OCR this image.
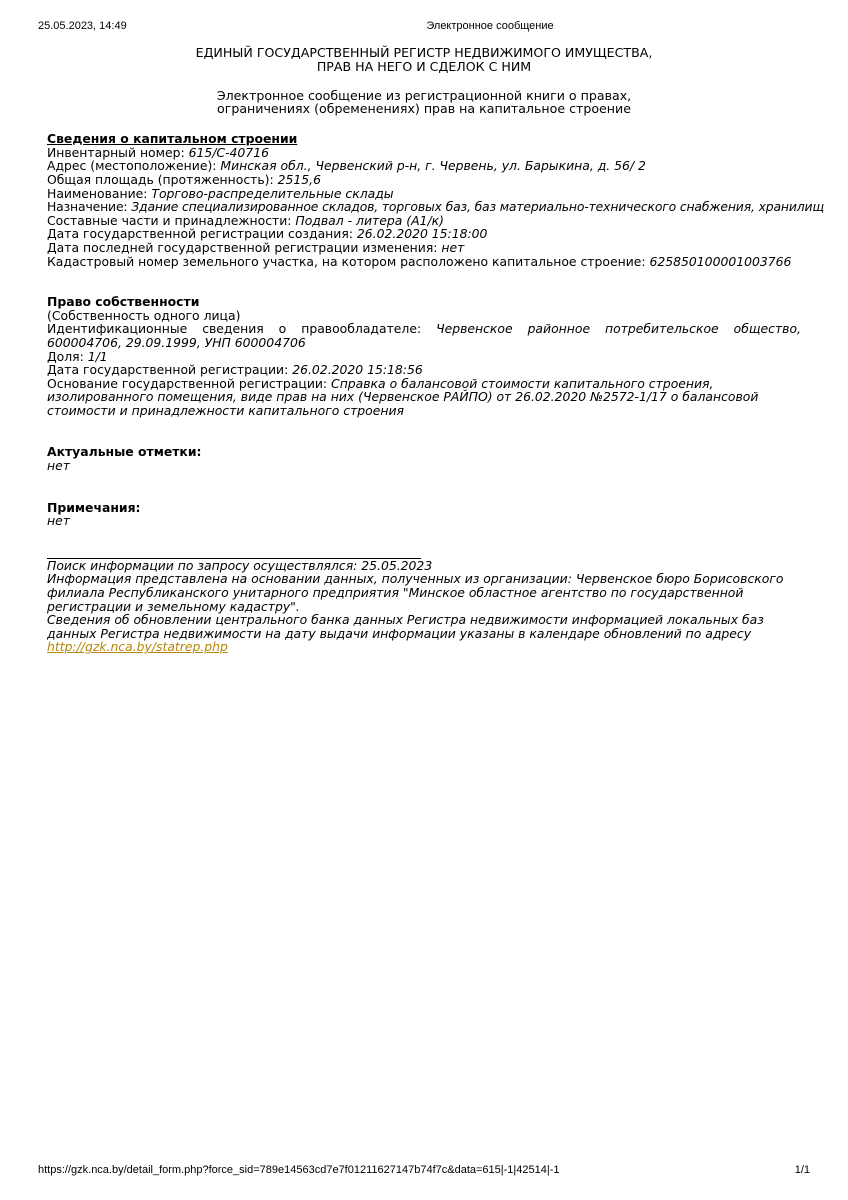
25.05.2023, 14:49	Электронное сообщение
ЕДИНЫЙ ГОСУДАРСТВЕННЫЙ РЕГИСТР НЕДВИЖИМОГО ИМУЩЕСТВА,
ПРАВ НА НЕГО И СДЕЛОК С НИМ
Электронное сообщение из регистрационной книги о правах,
ограничениях (обременениях) прав на капитальное строение
Сведения о капитальном строении
Инвентарный номер: 615/C-40716
Адрес (местоположение): Минская обл., Червенский р-н, г. Червень, ул. Барыкина, д. 56/ 2
Общая площадь (протяженность): 2515,6
Наименование: Торгово-распределительные склады
Назначение: Здание специализированное складов, торговых баз, баз материально-технического снабжения, хранилищ
Составные части и принадлежности: Подвал - литера (А1/к)
Дата государственной регистрации создания: 26.02.2020 15:18:00
Дата последней государственной регистрации изменения: нет
Кадастровый номер земельного участка, на котором расположено капитальное строение: 625850100001003766
Право собственности
(Собственность одного лица)
Идентификационные сведения о правообладателе: Червенское районное потребительское общество, 600004706, 29.09.1999, УНП 600004706
Доля: 1/1
Дата государственной регистрации: 26.02.2020 15:18:56
Основание государственной регистрации: Справка о балансовой стоимости капитального строения, изолированного помещения, виде прав на них (Червенское РАЙПО) от 26.02.2020 №2572-1/17 о балансовой стоимости и принадлежности капитального строения
Актуальные отметки:
нет
Примечания:
нет
Поиск информации по запросу осуществлялся: 25.05.2023
Информация представлена на основании данных, полученных из организации: Червенское бюро Борисовского филиала Республиканского унитарного предприятия "Минское областное агентство по государственной регистрации и земельному кадастру".
Сведения об обновлении центрального банка данных Регистра недвижимости информацией локальных баз данных Регистра недвижимости на дату выдачи информации указаны в календаре обновлений по адресу
http://gzk.nca.by/statrep.php
https://gzk.nca.by/detail_form.php?force_sid=789e14563cd7e7f01211627147b74f7c&data=615|-1|42514|-1	1/1
